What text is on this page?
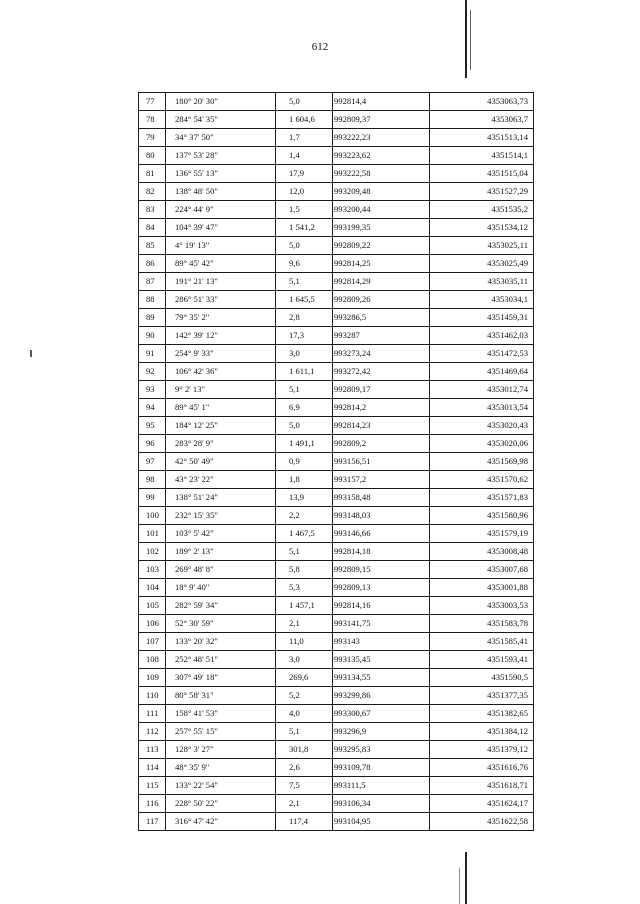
612
77	180° 20' 30"	5,0	992814,4	4353063,73
78	284° 54' 35"	1 604,6	992809,37	4353063,7
79	34° 37' 50"	1,7	993222,23	4351513,14
80	137° 53' 28"	1,4	993223,62	4351514,1
81	136° 55' 13"	17,9	993222,58	4351515,04
82	138° 48' 50"	12,0	993209,48	4351527,29
83	224° 44' 9"	1,5	993200,44	4351535,2
84	104° 39' 47"	1 541,2	993199,35	4351534,12
85	4° 19' 13"	5,0	992809,22	4353025,11
86	89° 45' 42"	9,6	992814,25	4353025,49
87	191° 21' 13"	5,1	992814,29	4353035,11
88	286° 51' 33"	1 645,5	992809,26	4353034,1
89	79° 35' 2"	2,8	993286,5	4351459,31
90	142° 39' 12"	17,3	993287	4351462,03
91	254° 9' 33"	3,0	993273,24	4351472,53
92	106° 42' 36"	1 611,1	993272,42	4351469,64
93	9° 2' 13"	5,1	992809,17	4353012,74
94	89° 45' 1"	6,9	992814,2	4353013,54
95	184° 12' 25"	5,0	992814,23	4353020,43
96	283° 28' 9"	1 491,1	992809,2	4353020,06
97	42° 50' 49"	0,9	993156,51	4351569,98
98	43° 23' 22"	1,8	993157,2	4351570,62
99	138° 51' 24"	13,9	993158,48	4351571,83
100	232° 15' 35"	2,2	993148,03	4351580,96
101	103° 5' 42"	1 467,5	993146,66	4351579,19
102	189° 2' 13"	5,1	992814,18	4353008,48
103	269° 48' 8"	5,8	992809,15	4353007,68
104	18° 9' 40"	5,3	992809,13	4353001,88
105	282° 59' 34"	1 457,1	992814,16	4353003,53
106	52° 30' 59"	2,1	993141,75	4351583,78
107	133° 20' 32"	11,0	993143	4351585,41
108	252° 48' 51"	3,0	993135,45	4351593,41
109	307° 49' 18"	269,6	993134,55	4351590,5
110	80° 58' 31"	5,2	993299,86	4351377,35
111	158° 41' 53"	4,0	993300,67	4351382,65
112	257° 55' 15"	5,1	993296,9	4351384,12
113	128° 3' 27"	301,8	993295,83	4351379,12
114	48° 35' 9"	2,6	993109,78	4351616,76
115	133° 22' 54"	7,5	993111,5	4351618,71
116	228° 50' 22"	2,1	993106,34	4351624,17
117	316° 47' 42"	117,4	993104,95	4351622,58
